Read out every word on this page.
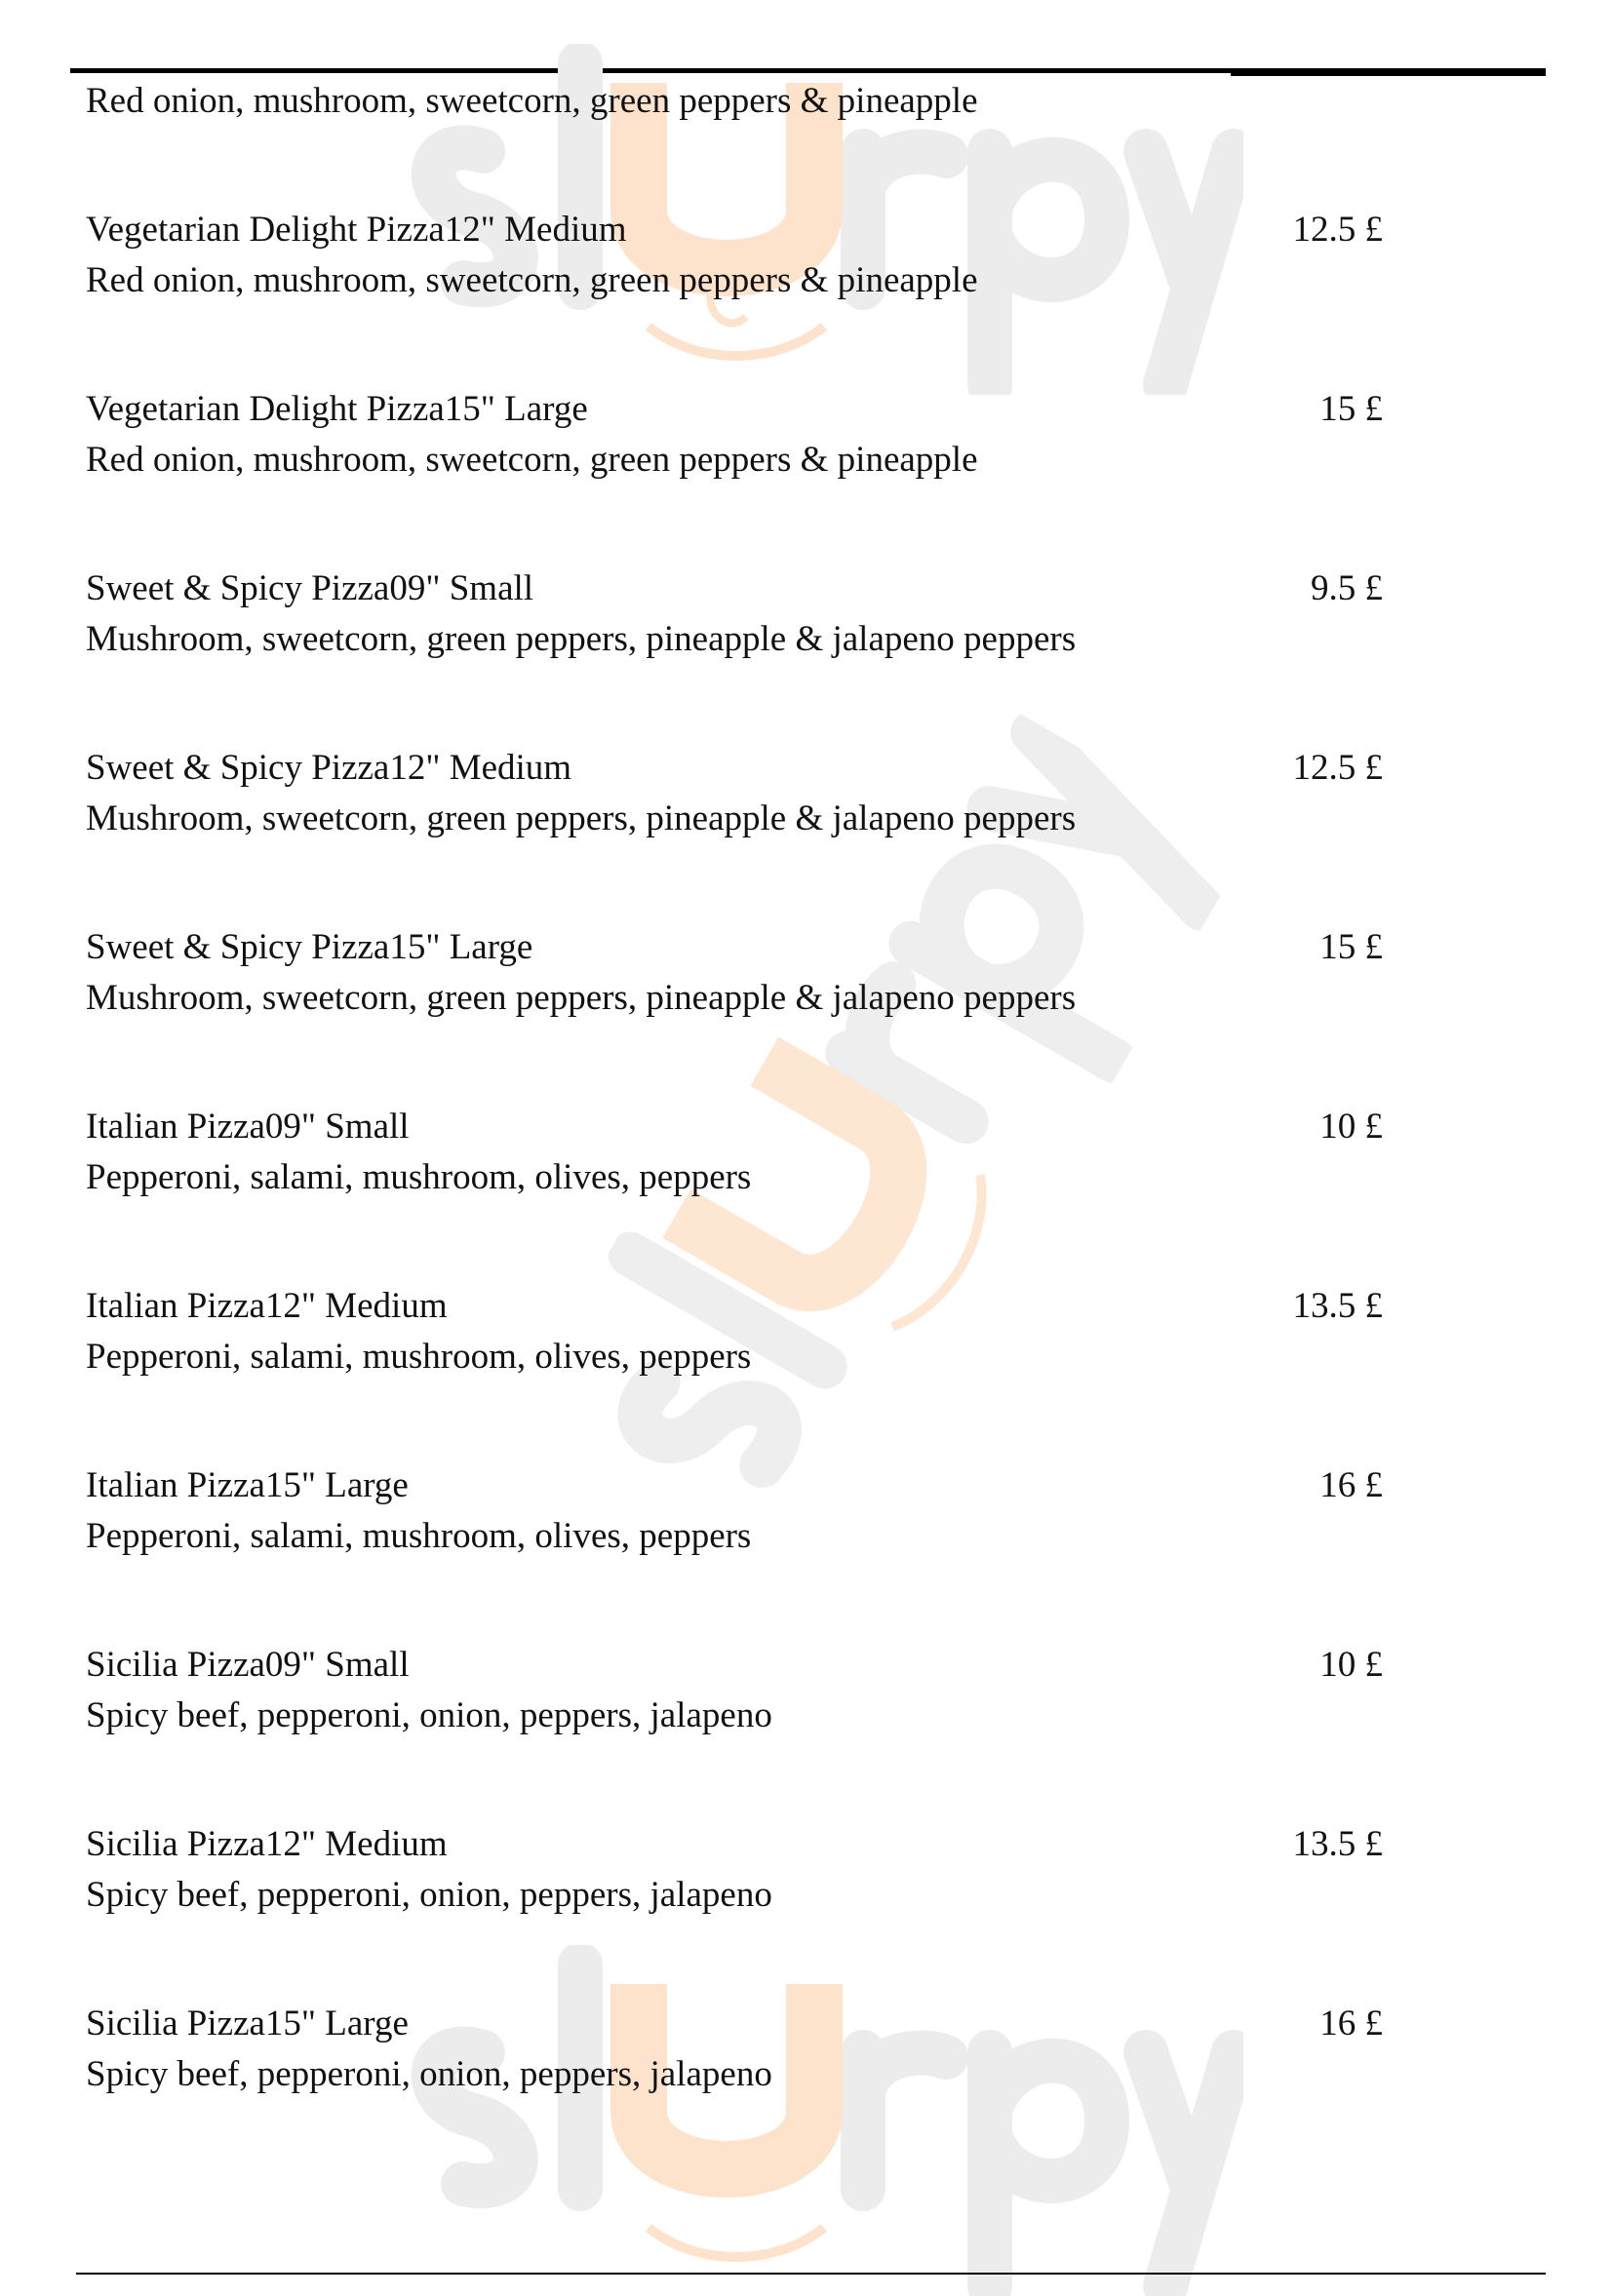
Red onion, mushroom, sweetcorn, green peppers & pineapple
Vegetarian Delight Pizza12" Medium
Red onion, mushroom, sweetcorn, green peppers & pineapple
12.5 £
Vegetarian Delight Pizza15" Large
Red onion, mushroom, sweetcorn, green peppers & pineapple
15 £
Sweet & Spicy Pizza09" Small
Mushroom, sweetcorn, green peppers, pineapple & jalapeno peppers
9.5 £
Sweet & Spicy Pizza12" Medium
Mushroom, sweetcorn, green peppers, pineapple & jalapeno peppers
12.5 £
Sweet & Spicy Pizza15" Large
Mushroom, sweetcorn, green peppers, pineapple & jalapeno peppers
15 £
Italian Pizza09" Small
Pepperoni, salami, mushroom, olives, peppers
10 £
Italian Pizza12" Medium
Pepperoni, salami, mushroom, olives, peppers
13.5 £
Italian Pizza15" Large
Pepperoni, salami, mushroom, olives, peppers
16 £
Sicilia Pizza09" Small
Spicy beef, pepperoni, onion, peppers, jalapeno
10 £
Sicilia Pizza12" Medium
Spicy beef, pepperoni, onion, peppers, jalapeno
13.5 £
Sicilia Pizza15" Large
Spicy beef, pepperoni, onion, peppers, jalapeno
16 £
